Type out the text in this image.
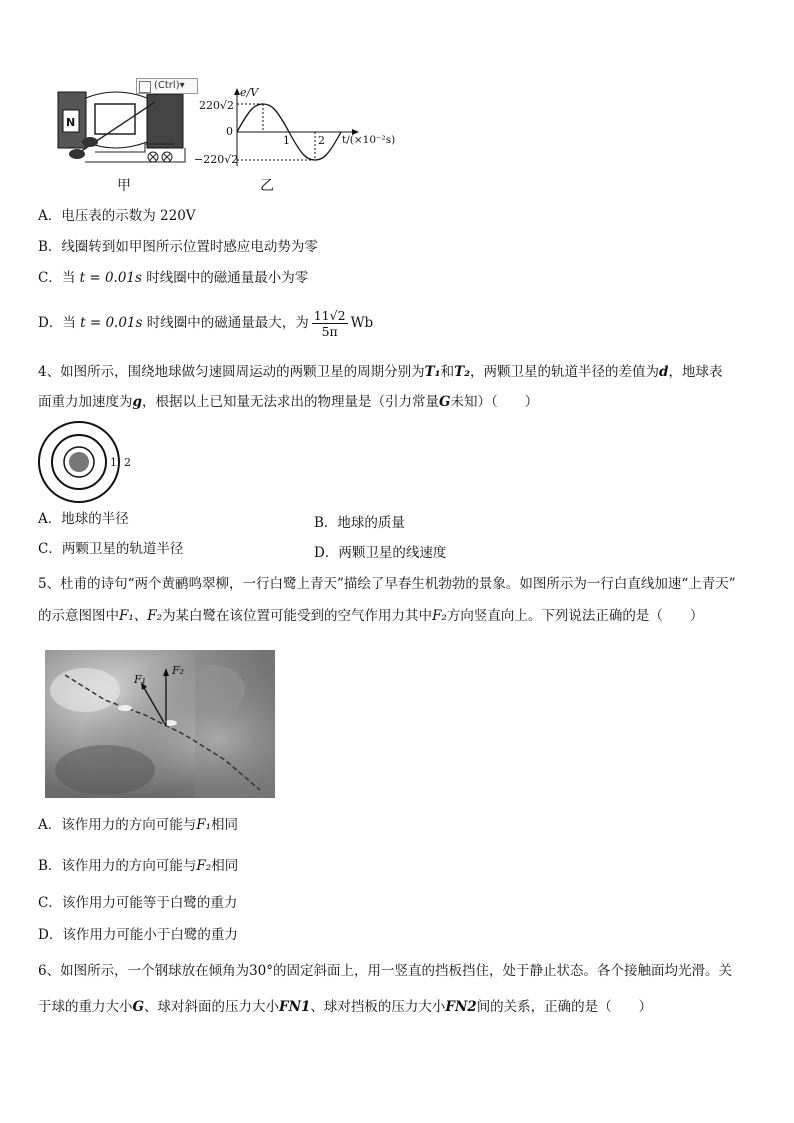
N
(Ctrl)▾
甲
e/V
220√2
0
−220√2
1	2 t/(×10⁻²s)
乙
A．电压表的示数为 220V
B．线圈转到如甲图所示位置时感应电动势为零
C．当 t = 0.01s 时线圈中的磁通量最小为零
D．当 t = 0.01s 时线圈中的磁通量最大，为 $\frac{11√2}{5\pi}$ Wb
4、如图所示，围绕地球做匀速圆周运动的两颗卫星的周期分别为T₁和T₂，两颗卫星的轨道半径的差值为d，地球表
面重力加速度为g，根据以上已知量无法求出的物理量是（引力常量G未知）（　　）
1 2
A．地球的半径	B．地球的质量
C．两颗卫星的轨道半径	D．两颗卫星的线速度
5、杜甫的诗句“两个黄鹂鸣翠柳，一行白鹭上青天”描绘了早春生机勃勃的景象。如图所示为一行白直线加速“上青天”
的示意图图中F₁、F₂为某白鹭在该位置可能受到的空气作用力其中F₂方向竖直向上。下列说法正确的是（　　）
F₁
F₂
A．该作用力的方向可能与F₁相同
B．该作用力的方向可能与F₂相同
C．该作用力可能等于白鹭的重力
D．该作用力可能小于白鹭的重力
6、如图所示，一个钢球放在倾角为30°的固定斜面上，用一竖直的挡板挡住，处于静止状态。各个接触面均光滑。关
于球的重力大小G、球对斜面的压力大小FN1、球对挡板的压力大小FN2间的关系，正确的是（　　）
